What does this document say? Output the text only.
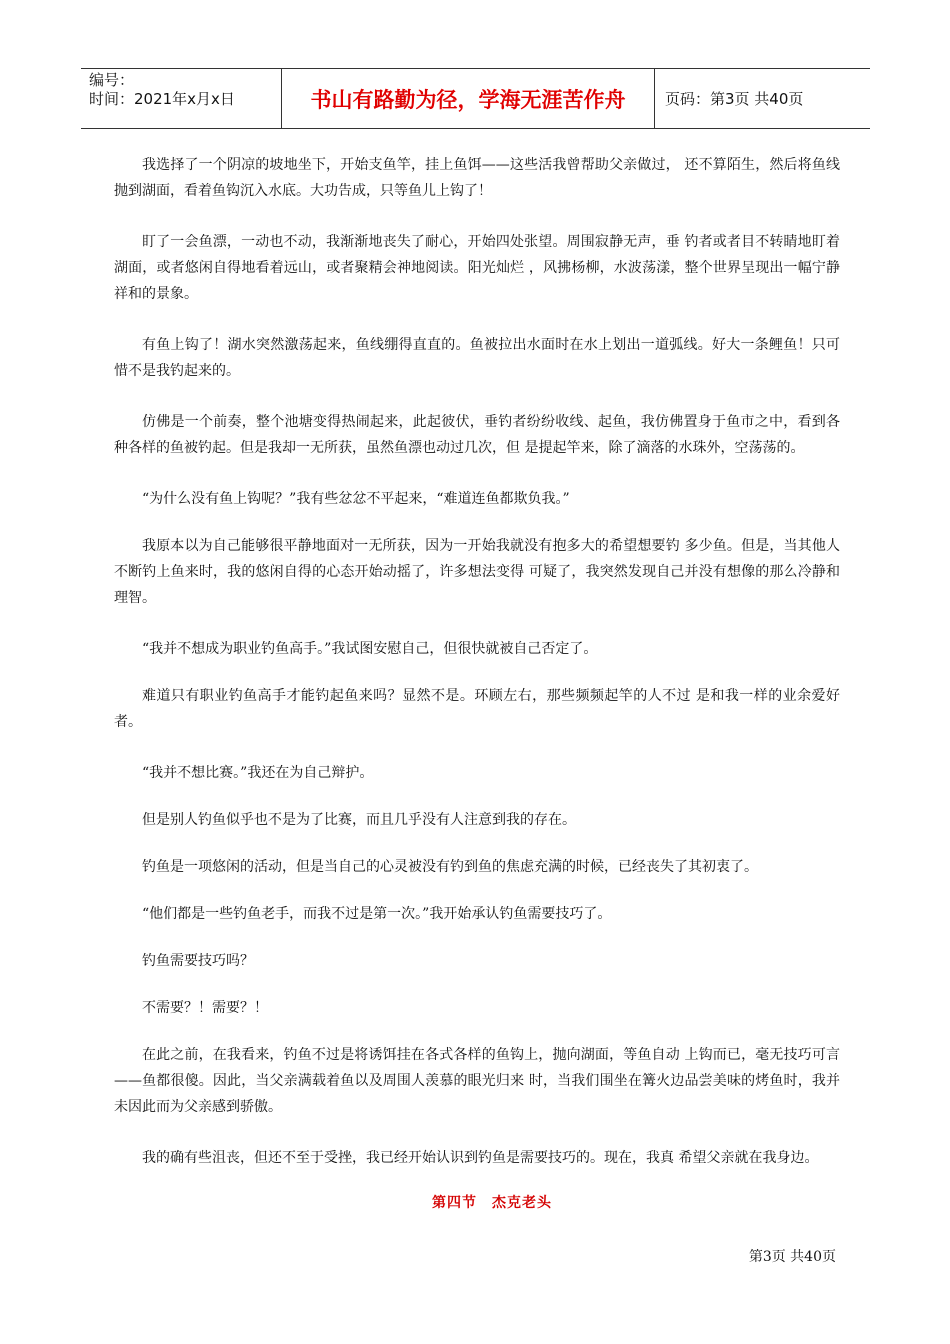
编号：
时间：2021年x月x日	书山有路勤为径，学海无涯苦作舟	页码：第3页 共40页

我选择了一个阴凉的坡地坐下，开始支鱼竿，挂上鱼饵——这些活我曾帮助父亲做过， 还不算陌生，然后将鱼线抛到湖面，看着鱼钩沉入水底。大功告成，只等鱼儿上钩了！

盯了一会鱼漂，一动也不动，我渐渐地丧失了耐心，开始四处张望。周围寂静无声，垂 钓者或者目不转睛地盯着湖面，或者悠闲自得地看着远山，或者聚精会神地阅读。阳光灿烂 ，风拂杨柳，水波荡漾，整个世界呈现出一幅宁静祥和的景象。

有鱼上钩了！湖水突然激荡起来，鱼线绷得直直的。鱼被拉出水面时在水上划出一道弧线。好大一条鲤鱼！只可惜不是我钓起来的。

仿佛是一个前奏，整个池塘变得热闹起来，此起彼伏，垂钓者纷纷收线、起鱼，我仿佛置身于鱼市之中，看到各种各样的鱼被钓起。但是我却一无所获，虽然鱼漂也动过几次，但 是提起竿来，除了滴落的水珠外，空荡荡的。

“为什么没有鱼上钩呢？”我有些忿忿不平起来，“难道连鱼都欺负我。”

我原本以为自己能够很平静地面对一无所获，因为一开始我就没有抱多大的希望想要钓 多少鱼。但是，当其他人不断钓上鱼来时，我的悠闲自得的心态开始动摇了，许多想法变得 可疑了，我突然发现自己并没有想像的那么冷静和理智。

“我并不想成为职业钓鱼高手。”我试图安慰自己，但很快就被自己否定了。

难道只有职业钓鱼高手才能钓起鱼来吗？显然不是。环顾左右，那些频频起竿的人不过 是和我一样的业余爱好者。

“我并不想比赛。”我还在为自己辩护。

但是别人钓鱼似乎也不是为了比赛，而且几乎没有人注意到我的存在。

钓鱼是一项悠闲的活动，但是当自己的心灵被没有钓到鱼的焦虑充满的时候，已经丧失了其初衷了。

“他们都是一些钓鱼老手，而我不过是第一次。”我开始承认钓鱼需要技巧了。

钓鱼需要技巧吗？

不需要？！需要？！

在此之前，在我看来，钓鱼不过是将诱饵挂在各式各样的鱼钩上，抛向湖面，等鱼自动 上钩而已，毫无技巧可言——鱼都很傻。因此，当父亲满载着鱼以及周围人羡慕的眼光归来 时，当我们围坐在篝火边品尝美味的烤鱼时，我并未因此而为父亲感到骄傲。

我的确有些沮丧，但还不至于受挫，我已经开始认识到钓鱼是需要技巧的。现在，我真 希望父亲就在我身边。

第四节　杰克老头
第3页 共40页
